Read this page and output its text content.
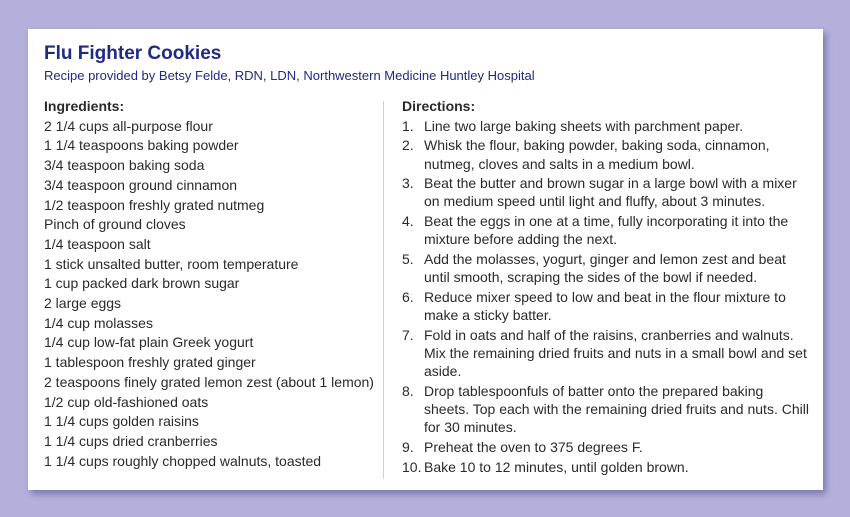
Flu Fighter Cookies

Recipe provided by Betsy Felde, RDN, LDN, Northwestern Medicine Huntley Hospital

Ingredients:
2 1/4 cups all-purpose flour
1 1/4 teaspoons baking powder
3/4 teaspoon baking soda
3/4 teaspoon ground cinnamon
1/2 teaspoon freshly grated nutmeg
Pinch of ground cloves
1/4 teaspoon salt
1 stick unsalted butter, room temperature
1 cup packed dark brown sugar
2 large eggs
1/4 cup molasses
1/4 cup low-fat plain Greek yogurt
1 tablespoon freshly grated ginger
2 teaspoons finely grated lemon zest (about 1 lemon)
1/2 cup old-fashioned oats
1 1/4 cups golden raisins
1 1/4 cups dried cranberries
1 1/4 cups roughly chopped walnuts, toasted
Directions:
1. Line two large baking sheets with parchment paper.
2. Whisk the flour, baking powder, baking soda, cinnamon, nutmeg, cloves and salts in a medium bowl.
3. Beat the butter and brown sugar in a large bowl with a mixer on medium speed until light and fluffy, about 3 minutes.
4. Beat the eggs in one at a time, fully incorporating it into the mixture before adding the next.
5. Add the molasses, yogurt, ginger and lemon zest and beat until smooth, scraping the sides of the bowl if needed.
6. Reduce mixer speed to low and beat in the flour mixture to make a sticky batter.
7. Fold in oats and half of the raisins, cranberries and walnuts. Mix the remaining dried fruits and nuts in a small bowl and set aside.
8. Drop tablespoonfuls of batter onto the prepared baking sheets. Top each with the remaining dried fruits and nuts. Chill for 30 minutes.
9. Preheat the oven to 375 degrees F.
10. Bake 10 to 12 minutes, until golden brown.
